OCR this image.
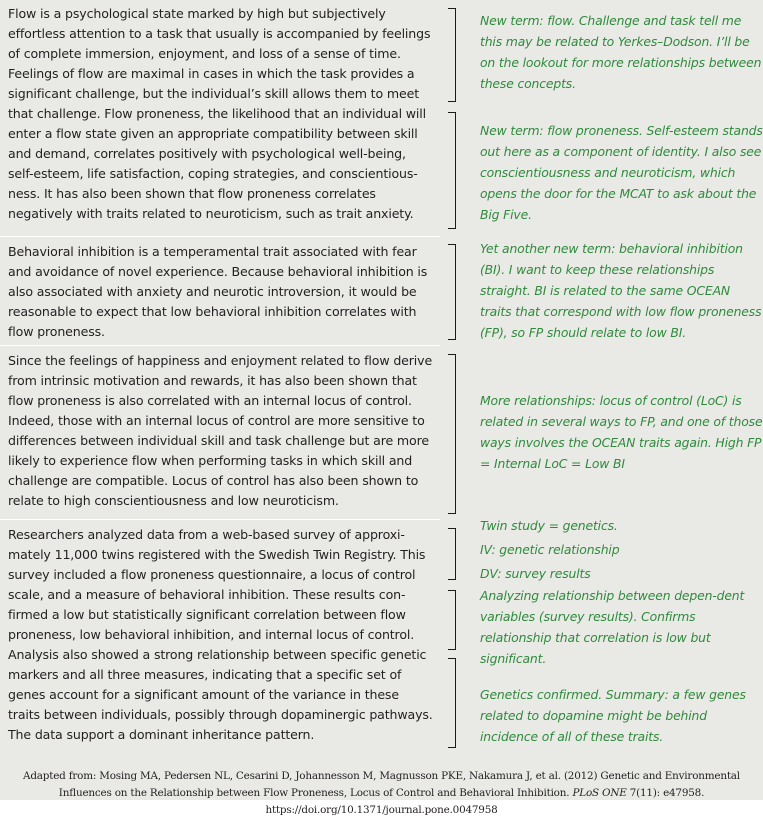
Flow is a psychological state marked by high but subjectively effortless attention to a task that usually is accompanied by feelings of complete immersion, enjoyment, and loss of a sense of time. Feelings of flow are maximal in cases in which the task provides a significant challenge, but the individual’s skill allows them to meet that challenge. Flow proneness, the likelihood that an individual will enter a flow state given an appropriate compatibility between skill and demand, correlates positively with psychological well-being, self-esteem, life satisfaction, coping strategies, and conscientious-ness. It has also been shown that flow proneness correlates negatively with traits related to neuroticism, such as trait anxiety.

Behavioral inhibition is a temperamental trait associated with fear and avoidance of novel experience. Because behavioral inhibition is also associated with anxiety and neurotic introversion, it would be reasonable to expect that low behavioral inhibition correlates with flow proneness.

Since the feelings of happiness and enjoyment related to flow derive from intrinsic motivation and rewards, it has also been shown that flow proneness is also correlated with an internal locus of control. Indeed, those with an internal locus of control are more sensitive to differences between individual skill and task challenge but are more likely to experience flow when performing tasks in which skill and challenge are compatible. Locus of control has also been shown to relate to high conscientiousness and low neuroticism.

Researchers analyzed data from a web-based survey of approxi-mately 11,000 twins registered with the Swedish Twin Registry. This survey included a flow proneness questionnaire, a locus of control scale, and a measure of behavioral inhibition. These results con-firmed a low but statistically significant correlation between flow proneness, low behavioral inhibition, and internal locus of control. Analysis also showed a strong relationship between specific genetic markers and all three measures, indicating that a specific set of genes account for a significant amount of the variance in these traits between individuals, possibly through dopaminergic pathways. The data support a dominant inheritance pattern.

New term: flow. Challenge and task tell me this may be related to Yerkes–Dodson. I’ll be on the lookout for more relationships between these concepts.

New term: flow proneness. Self-esteem stands out here as a component of identity. I also see conscientiousness and neuroticism, which opens the door for the MCAT to ask about the Big Five.

Yet another new term: behavioral inhibition (BI). I want to keep these relationships straight. BI is related to the same OCEAN traits that correspond with low flow proneness (FP), so FP should relate to low BI.

More relationships: locus of control (LoC) is related in several ways to FP, and one of those ways involves the OCEAN traits again. High FP = Internal LoC = Low BI

Twin study = genetics.

IV: genetic relationship

DV: survey results

Analyzing relationship between depen-dent variables (survey results). Confirms relationship that correlation is low but significant.

Genetics confirmed. Summary: a few genes related to dopamine might be behind incidence of all of these traits.

Adapted from: Mosing MA, Pedersen NL, Cesarini D, Johannesson M, Magnusson PKE, Nakamura J, et al. (2012) Genetic and Environmental Influences on the Relationship between Flow Proneness, Locus of Control and Behavioral Inhibition. PLoS ONE 7(11): e47958. https://doi.org/10.1371/journal.pone.0047958
